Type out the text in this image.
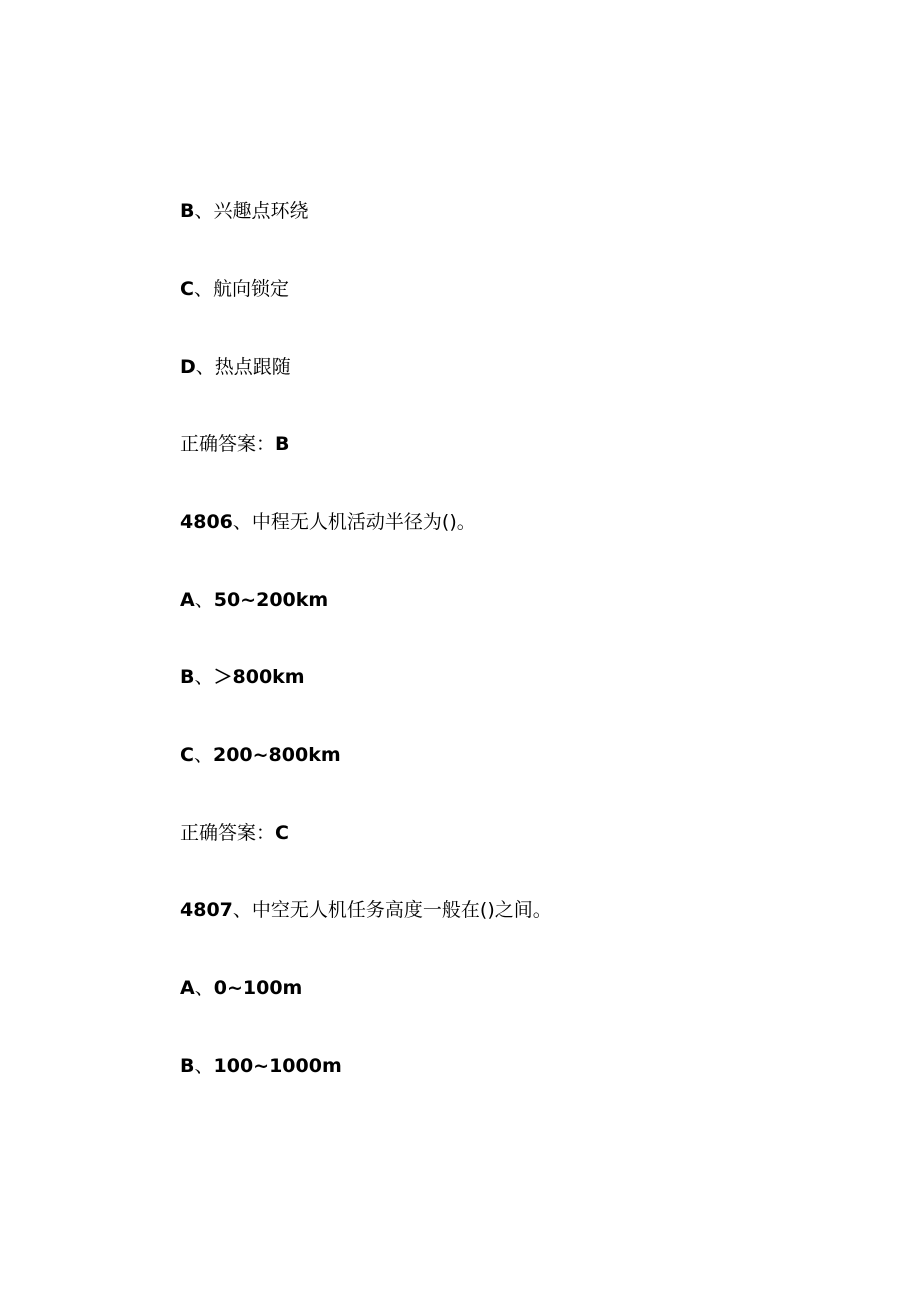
B、兴趣点环绕
C、航向锁定
D、热点跟随
正确答案：B
4806、中程无人机活动半径为()。
A、50~200km
B、＞800km
C、200~800km
正确答案：C
4807、中空无人机任务高度一般在()之间。
A、0~100m
B、100~1000m
